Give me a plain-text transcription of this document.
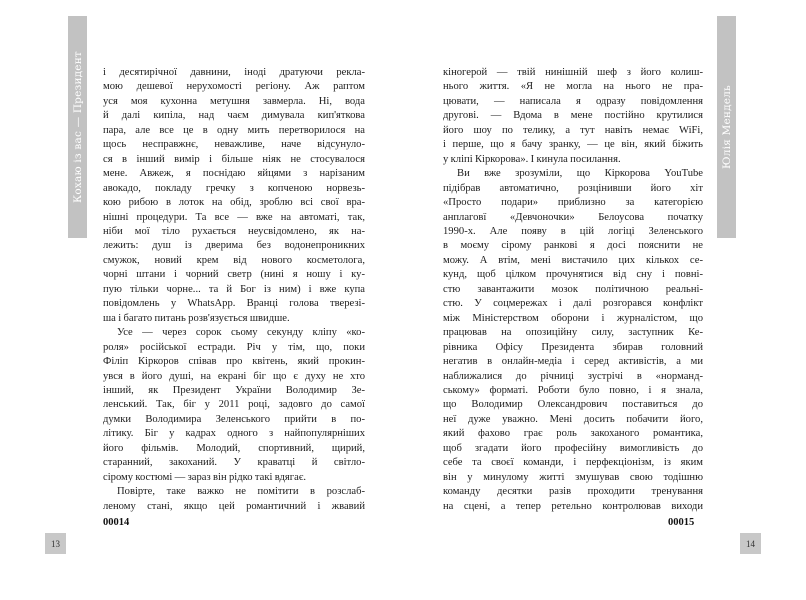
Кохаю із вас — Президент	Юлія Мендель

і десятирічної давнини, іноді дратуючи рекла-

мою дешевої нерухомості регіону. Аж раптом

уся моя кухонна метушня завмерла. Ні, вода

й далі кипіла, над чаєм димувала кип'яткова

пара, але все це в одну мить перетворилося на

щось несправжнє, неважливе, наче відсунуло-

ся в інший вимір і більше ніяк не стосувалося

мене. Авжеж, я поснідаю яйцями з нарізаним

авокадо, покладу гречку з копченою норвезь-

кою рибою в лоток на обід, зроблю всі свої вра-

нішні процедури. Та все — вже на автоматі, так,

ніби мої тіло рухається неусвідомлено, як на-

лежить: душ із дверима без водонепроникних

смужок, новий крем від нового косметолога,

чорні штани і чорний светр (нині я ношу і ку-

пую тільки чорне... та й Бог із ним) і вже купа

повідомлень у WhatsApp. Вранці голова тверезі-

ша і багато питань розв'язується швидше.

Усе — через сорок сьому секунду кліпу «ко-

роля» російської естради. Річ у тім, що, поки

Філіп Кіркоров співав про квітень, який прокин-

увся в його душі, на екрані біг що є духу не хто

інший, як Президент України Володимир Зе-

ленський. Так, біг у 2011 році, задовго до самої

думки Володимира Зеленського прийти в по-

літику. Біг у кадрах одного з найпопулярніших

його фільмів. Молодий, спортивний, щирий,

старанний, закоханий. У краватці й світло-

сірому костюмі — зараз він рідко такі вдягає.

Повірте, таке важко не помітити в розслаб-

леному стані, якщо цей романтичний і жвавий

кіногерой — твій нинішній шеф з його колиш-

нього життя. «Я не могла на нього не пра-

цювати, — написала я одразу повідомлення

другові. — Вдома в мене постійно крутилися

його шоу по телику, а тут навіть немає WiFi,

і перше, що я бачу зранку, — це він, який біжить

у кліпі Кіркорова». І кинула посилання.

Ви вже зрозуміли, що Кіркорова YouTube

підібрав автоматично, розцінивши його хіт

«Просто подари» приблизно за категорією

анплаговї «Девчоночки» Белоусова початку

1990-х. Але появу в цій логіці Зеленського

в моєму сірому ранкові я досі пояснити не

можу. А втім, мені вистачило цих кількох се-

кунд, щоб цілком прочунятися від сну і повні-

стю завантажити мозок політичною реальні-

стю. У соцмережах і далі розгорався конфлікт

між Міністерством оборони і журналістом, що

працював на опозиційну силу, заступник Ке-

рівника Офісу Президента збирав головний

негатив в онлайн-медіа і серед активістів, а ми

наближалися до річниці зустрічі в «норманд-

ському» форматі. Роботи було повно, і я знала,

що Володимир Олександрович поставиться до

неї дуже уважно. Мені досить побачити його,

який фахово грає роль закоханого романтика,

щоб згадати його професійну вимогливість до

себе та своєї команди, і перфекціонізм, із яким

він у минулому житті змушував свою тодішню

команду десятки разів проходити тренування

на сцені, а тепер ретельно контролював виходи

00014	00015
13	14
